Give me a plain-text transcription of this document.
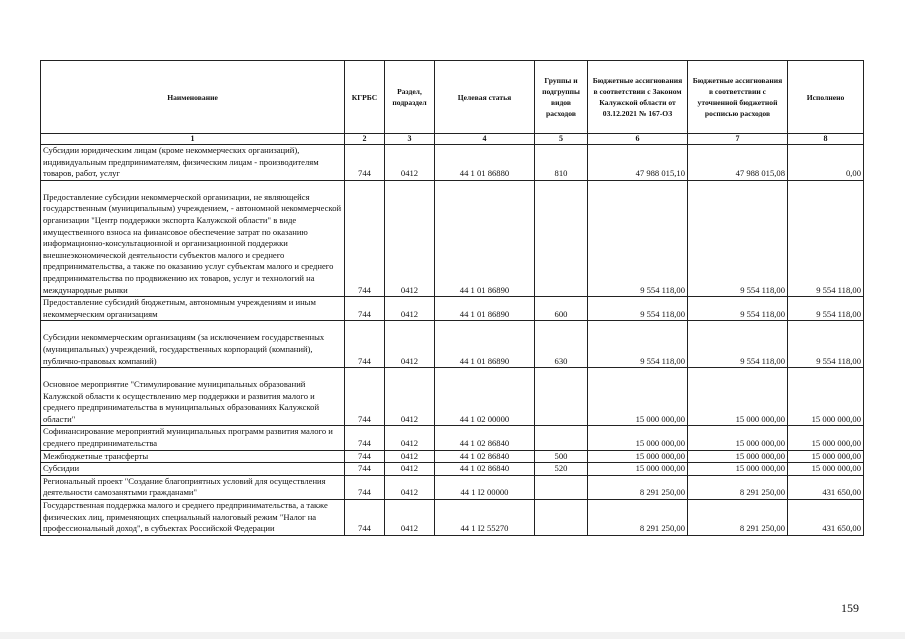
Наименование	КГРБС	Раздел, подраздел	Целевая статья	Группы и подгруппы видов расходов	Бюджетные ассигнования в соответствии с Законом Калужской области от 03.12.2021 № 167-ОЗ	Бюджетные ассигнования в соответствии с уточненной бюджетной росписью расходов	Исполнено
1	2	3	4	5	6	7	8
Субсидии юридическим лицам (кроме некоммерческих организаций), индивидуальным предпринимателям, физическим лицам - производителям товаров, работ, услуг	744	0412	44 1 01 86880	810	47 988 015,10	47 988 015,08	0,00
Предоставление субсидии некоммерческой организации, не являющейся государственным (муниципальным) учреждением, - автономной некоммерческой организации "Центр поддержки экспорта Калужской области" в виде имущественного взноса на финансовое обеспечение затрат по оказанию информационно-консультационной и организационной поддержки внешнеэкономической деятельности субъектов малого и среднего предпринимательства, а также по оказанию услуг субъектам малого и среднего предпринимательства по продвижению их товаров, услуг и технологий на международные рынки	744	0412	44 1 01 86890		9 554 118,00	9 554 118,00	9 554 118,00
Предоставление субсидий бюджетным, автономным учреждениям и иным некоммерческим организациям	744	0412	44 1 01 86890	600	9 554 118,00	9 554 118,00	9 554 118,00
Субсидии некоммерческим организациям (за исключением государственных (муниципальных) учреждений, государственных корпораций (компаний), публично-правовых компаний)	744	0412	44 1 01 86890	630	9 554 118,00	9 554 118,00	9 554 118,00
Основное мероприятие "Стимулирование муниципальных образований Калужской области к осуществлению мер поддержки и развития малого и среднего предпринимательства в муниципальных образованиях Калужской области"	744	0412	44 1 02 00000		15 000 000,00	15 000 000,00	15 000 000,00
Софинансирование мероприятий муниципальных программ развития малого и среднего предпринимательства	744	0412	44 1 02 86840		15 000 000,00	15 000 000,00	15 000 000,00
Межбюджетные трансферты	744	0412	44 1 02 86840	500	15 000 000,00	15 000 000,00	15 000 000,00
Субсидии	744	0412	44 1 02 86840	520	15 000 000,00	15 000 000,00	15 000 000,00
Региональный проект "Создание благоприятных условий для осуществления деятельности самозанятыми гражданами"	744	0412	44 1 I2 00000		8 291 250,00	8 291 250,00	431 650,00
Государственная поддержка малого и среднего предпринимательства, а также физических лиц, применяющих специальный налоговый режим "Налог на профессиональный доход", в субъектах Российской Федерации	744	0412	44 1 I2 55270		8 291 250,00	8 291 250,00	431 650,00
159
